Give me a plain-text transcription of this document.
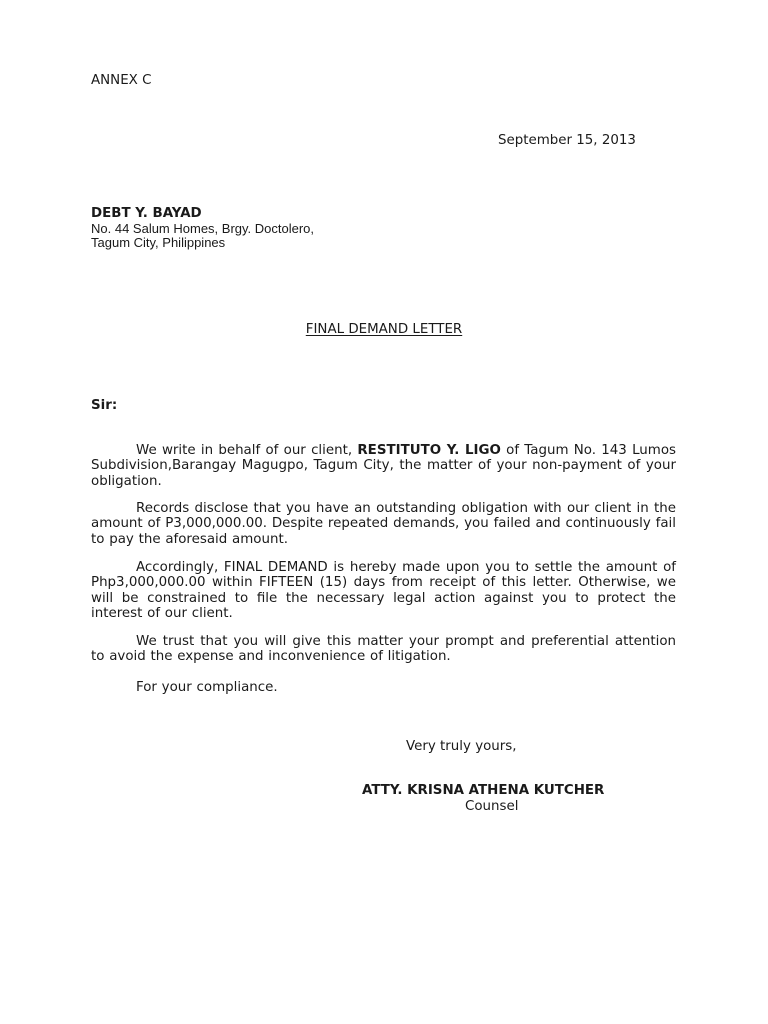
ANNEX C
September 15, 2013
DEBT Y. BAYAD
No. 44 Salum Homes, Brgy. Doctolero,
Tagum City, Philippines
FINAL DEMAND LETTER
Sir:
We write in behalf of our client, RESTITUTO Y. LIGO of Tagum No. 143 Lumos Subdivision,Barangay Magugpo, Tagum City, the matter of your non-payment of your obligation.
Records disclose that you have an outstanding obligation with our client in the amount of P3,000,000.00. Despite repeated demands, you failed and continuously fail to pay the aforesaid amount.
Accordingly, FINAL DEMAND is hereby made upon you to settle the amount of Php3,000,000.00 within FIFTEEN (15) days from receipt of this letter. Otherwise, we will be constrained to file the necessary legal action against you to protect the interest of our client.
We trust that you will give this matter your prompt and preferential attention to avoid the expense and inconvenience of litigation.
For your compliance.
Very truly yours,
ATTY. KRISNA ATHENA KUTCHER
Counsel
